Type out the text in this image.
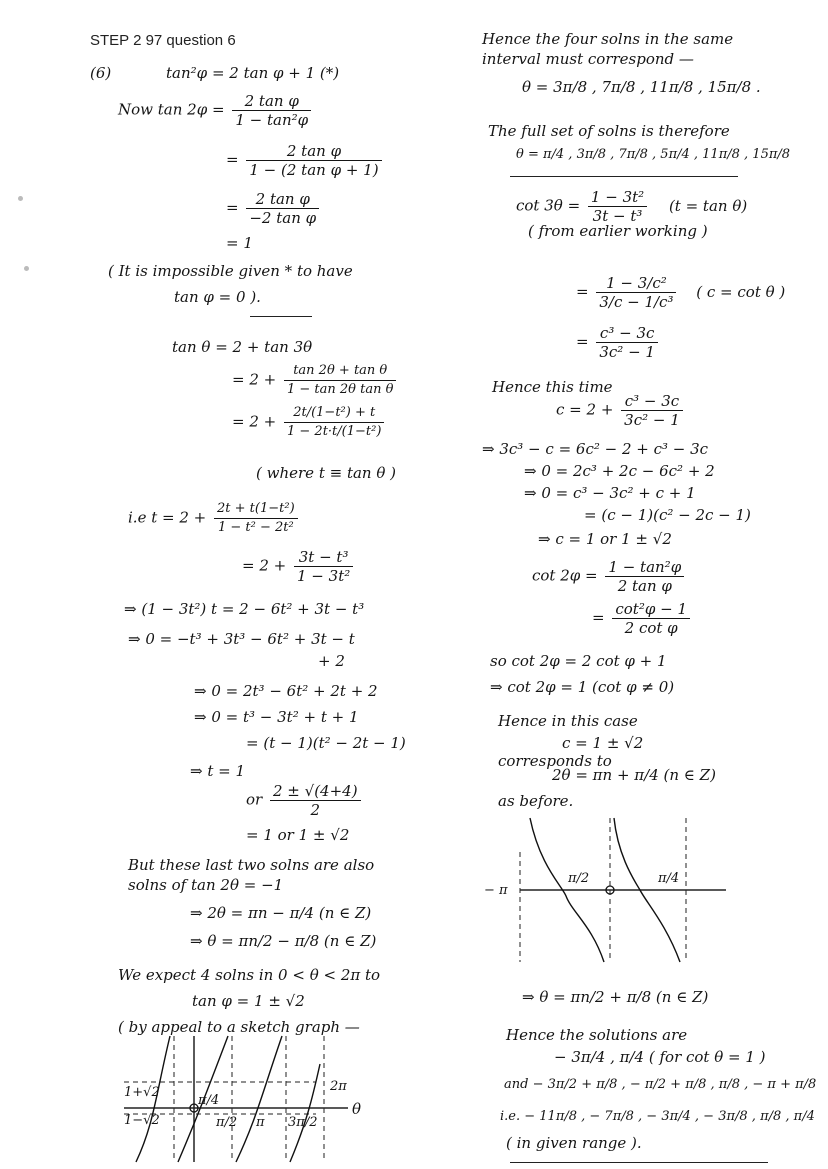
STEP 2 97 question 6
(6)	tan²φ = 2 tan φ + 1 (*)
Now $\tan 2\varphi = \frac{\text{2 tan φ}}{\text{1 − tan²φ}}$
= $\frac{\text{2 tan φ}}{\text{1 − (2 tan φ + 1)}}$
= $\frac{\text{2 tan φ}}{\text{−2 tan φ}}$
= 1
( It is impossible given * to have
tan φ = 0 ).
tan θ = 2 + tan 3θ
= $2 + \frac{\text{tan 2θ + tan θ}}{\text{1 − tan 2θ tan θ}}$
= $2 + \frac{\text{2t/(1−t²) + t}}{\text{1 − 2t·t/(1−t²)}}$
( where t ≡ tan θ )
i.e $t = 2 + \frac{\text{2t + t(1−t²)}}{\text{1 − t² − 2t²}}$
= $2 + \frac{\text{3t − t³}}{\text{1 − 3t²}}$
⇒ (1 − 3t²) t = 2 − 6t² + 3t − t³
⇒ 0 = −t³ + 3t³ − 6t² + 3t − t
+ 2
⇒ 0 = 2t³ − 6t² + 2t + 2
⇒ 0 = t³ − 3t² + t + 1
= (t − 1)(t² − 2t − 1)
⇒ t = 1
or $\frac{2 \pm √(4+4)}{2}$
= 1 or 1 ± √2
But these last two solns are also
solns of tan 2θ = −1
⇒ 2θ = πn − π/4 (n ∈ Z)
⇒ θ = πn/2 − π/8 (n ∈ Z)
We expect 4 solns in 0 < θ < 2π to
tan φ = 1 ± √2
( by appeal to a sketch graph —
1+√2
1−√2
2π
θ
π/4
π/2 π 3π/2
Hence the four solns in the same
interval must correspond —
θ = 3π/8 , 7π/8 , 11π/8 , 15π/8 .
The full set of solns is therefore
θ = π/4 , 3π/8 , 7π/8 , 5π/4 , 11π/8 , 15π/8
$\cot 3\theta = \frac{\text{1 − 3t²}}{\text{3t − t³}} (t = \tan \theta)$
( from earlier working )
= $\frac{\text{1 − 3/c²}}{\text{3/c − 1/c³}}$ ( c = cot θ )
= $\frac{\text{c³ − 3c}}{\text{3c² − 1}}$
Hence this time
$c = 2 + \frac{\text{c³ − 3c}}{\text{3c² − 1}}$
⇒ 3c³ − c = 6c² − 2 + c³ − 3c
⇒ 0 = 2c³ + 2c − 6c² + 2
⇒ 0 = c³ − 3c² + c + 1
= (c − 1)(c² − 2c − 1)
⇒ c = 1 or 1 ± √2
$\cot 2\varphi = \frac{\text{1 − tan²φ}}{\text{2 tan φ}}$
= $\frac{\text{cot²φ − 1}}{\text{2 cot φ}}$
so cot 2φ = 2 cot φ + 1
⇒ cot 2φ = 1 (cot φ ≠ 0)
Hence in this case
c = 1 ± √2
corresponds to
2θ = πn + π/4 (n ∈ Z)
as before.
− π
π/2	π/4
⇒ θ = πn/2 + π/8 (n ∈ Z)
Hence the solutions are
− 3π/4 , π/4 ( for cot θ = 1 )
and − 3π/2 + π/8 , − π/2 + π/8 , π/8 , − π + π/8
i.e. − 11π/8 , − 7π/8 , − 3π/4 , − 3π/8 , π/8 , π/4
( in given range ).
